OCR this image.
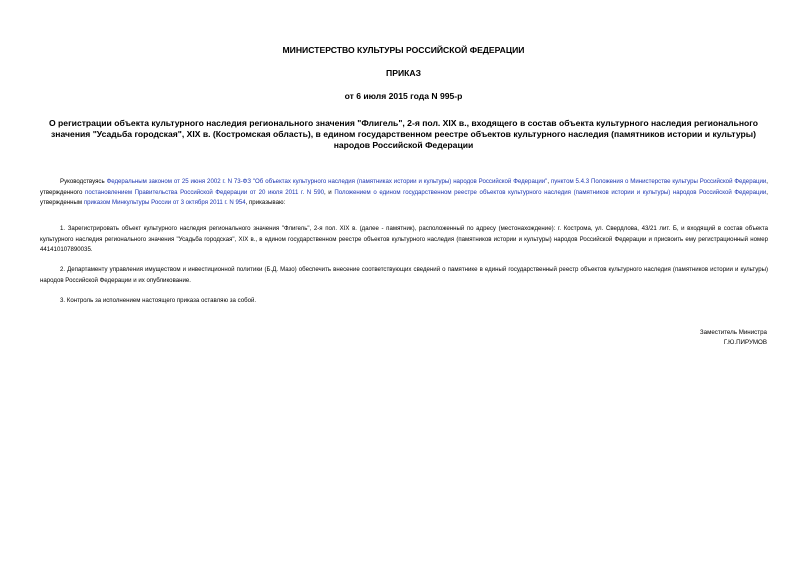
МИНИСТЕРСТВО КУЛЬТУРЫ РОССИЙСКОЙ ФЕДЕРАЦИИ
ПРИКАЗ
от 6 июля 2015 года N 995-р
О регистрации объекта культурного наследия регионального значения "Флигель", 2-я пол. XIX в., входящего в состав объекта культурного наследия регионального значения "Усадьба городская", XIX в. (Костромская область), в едином государственном реестре объектов культурного наследия (памятников истории и культуры) народов Российской Федерации
Руководствуясь Федеральным законом от 25 июня 2002 г. N 73-ФЗ "Об объектах культурного наследия (памятниках истории и культуры) народов Российской Федерации", пунктом 5.4.3 Положения о Министерстве культуры Российской Федерации, утвержденного постановлением Правительства Российской Федерации от 20 июля 2011 г. N 590, и Положением о едином государственном реестре объектов культурного наследия (памятников истории и культуры) народов Российской Федерации, утвержденным приказом Минкультуры России от 3 октября 2011 г. N 954, приказываю:
1. Зарегистрировать объект культурного наследия регионального значения "Флигель", 2-я пол. XIX в. (далее - памятник), расположенный по адресу (местонахождение): г. Кострома, ул. Свердлова, 43/21 лит. Б, и входящий в состав объекта культурного наследия регионального значения "Усадьба городская", XIX в., в едином государственном реестре объектов культурного наследия (памятников истории и культуры) народов Российской Федерации и присвоить ему регистрационный номер 441410107890035.
2. Департаменту управления имуществом и инвестиционной политики (Б.Д. Мазо) обеспечить внесение соответствующих сведений о памятнике в единый государственный реестр объектов культурного наследия (памятников истории и культуры) народов Российской Федерации и их опубликование.
3. Контроль за исполнением настоящего приказа оставляю за собой.
Заместитель Министра
Г.Ю.ПИРУМОВ
